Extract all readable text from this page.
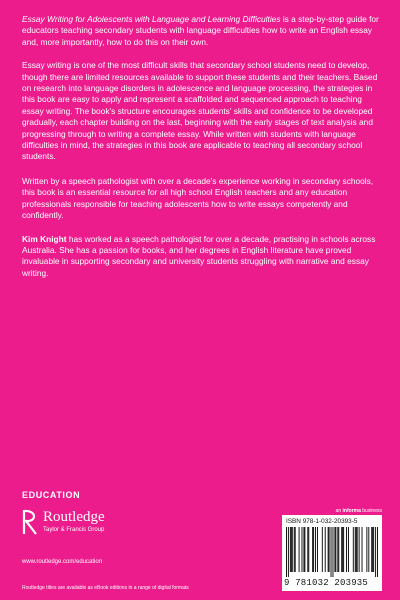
Essay Writing for Adolescents with Language and Learning Difficulties is a step-by-step guide for educators teaching secondary students with language difficulties how to write an English essay and, more importantly, how to do this on their own.

Essay writing is one of the most difficult skills that secondary school students need to develop, though there are limited resources available to support these students and their teachers. Based on research into language disorders in adolescence and language processing, the strategies in this book are easy to apply and represent a scaffolded and sequenced approach to teaching essay writing. The book's structure encourages students' skills and confidence to be developed gradually, each chapter building on the last, beginning with the early stages of text analysis and progressing through to writing a complete essay. While written with students with language difficulties in mind, the strategies in this book are applicable to teaching all secondary school students.

Written by a speech pathologist with over a decade's experience working in secondary schools, this book is an essential resource for all high school English teachers and any education professionals responsible for teaching adolescents how to write essays competently and confidently.

Kim Knight has worked as a speech pathologist for over a decade, practising in schools across Australia. She has a passion for books, and her degrees in English literature have proved invaluable in supporting secondary and university students struggling with narrative and essay writing.

EDUCATION
Routledge
Taylor & Francis Group
www.routledge.com/education
Routledge titles are available as eBook editions in a range of digital formats
an informa business
ISBN 978-1-032-20393-5
9 781032 203935
